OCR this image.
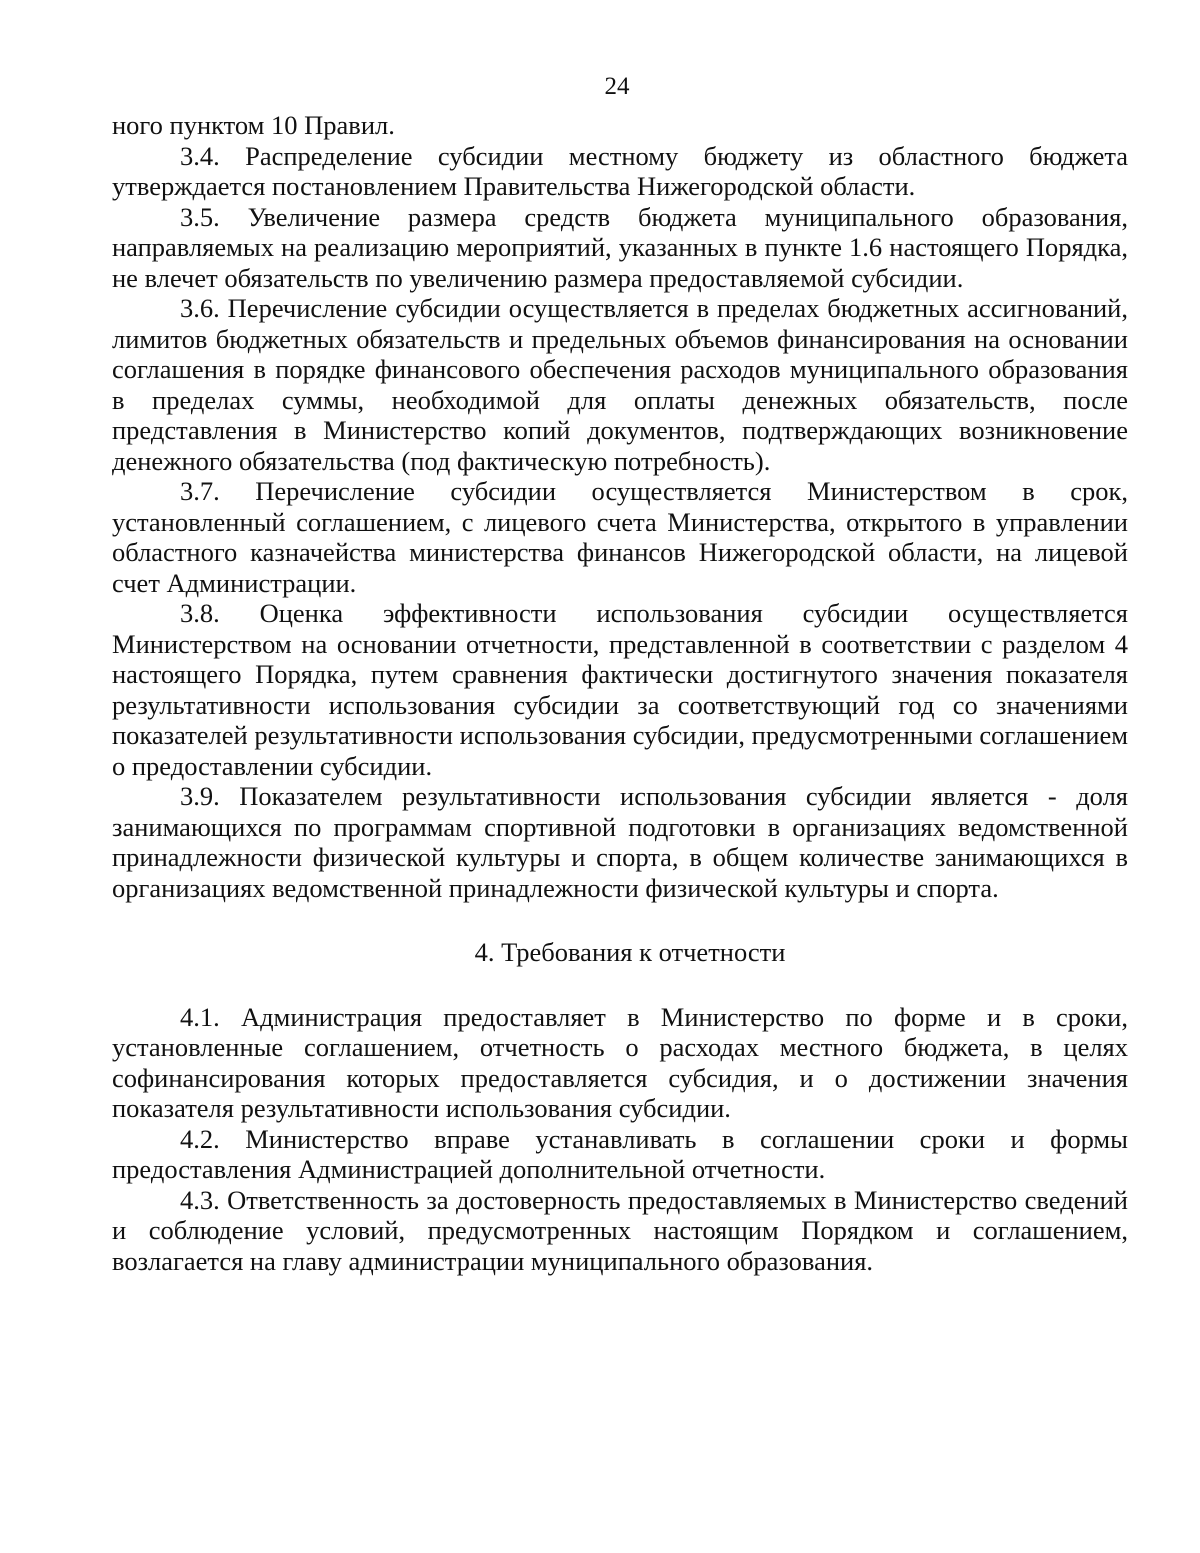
24

ного пунктом 10 Правил.

3.4. Распределение субсидии местному бюджету из областного бюджета утверждается постановлением Правительства Нижегородской области.

3.5. Увеличение размера средств бюджета муниципального образования, направляемых на реализацию мероприятий, указанных в пункте 1.6 настоящего Порядка, не влечет обязательств по увеличению размера предоставляемой субсидии.

3.6. Перечисление субсидии осуществляется в пределах бюджетных ассигнований, лимитов бюджетных обязательств и предельных объемов финансирования на основании соглашения в порядке финансового обеспечения расходов муниципального образования в пределах суммы, необходимой для оплаты денежных обязательств, после представления в Министерство копий документов, подтверждающих возникновение денежного обязательства (под фактическую потребность).

3.7. Перечисление субсидии осуществляется Министерством в срок, установленный соглашением, с лицевого счета Министерства, открытого в управлении областного казначейства министерства финансов Нижегородской области, на лицевой счет Администрации.

3.8. Оценка эффективности использования субсидии осуществляется Министерством на основании отчетности, представленной в соответствии с разделом 4 настоящего Порядка, путем сравнения фактически достигнутого значения показателя результативности использования субсидии за соответствующий год со значениями показателей результативности использования субсидии, предусмотренными соглашением о предоставлении субсидии.

3.9. Показателем результативности использования субсидии является - доля занимающихся по программам спортивной подготовки в организациях ведомственной принадлежности физической культуры и спорта, в общем количестве занимающихся в организациях ведомственной принадлежности физической культуры и спорта.

4. Требования к отчетности

4.1. Администрация предоставляет в Министерство по форме и в сроки, установленные соглашением, отчетность о расходах местного бюджета, в целях софинансирования которых предоставляется субсидия, и о достижении значения показателя результативности использования субсидии.

4.2. Министерство вправе устанавливать в соглашении сроки и формы предоставления Администрацией дополнительной отчетности.

4.3. Ответственность за достоверность предоставляемых в Министерство сведений и соблюдение условий, предусмотренных настоящим Порядком и соглашением, возлагается на главу администрации муниципального образования.
